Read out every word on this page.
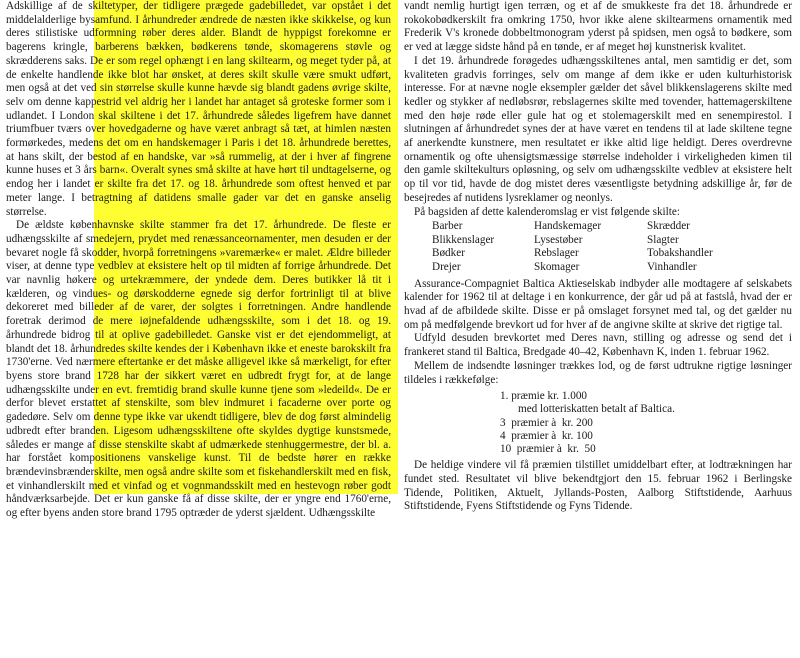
Adskillige af de skiltetyper, der tidligere prægede gadebilledet, var opstået i det middelalderlige bysamfund. I århundreder ændrede de næsten ikke skikkelse, og kun deres stilistiske udformning røber deres alder. Blandt de hyppigst forekomne er bagerens kringle, barberens bækken, bødkerens tønde, skomagerens støvle og skrædderens saks. De er som regel ophængt i en lang skiltearm, og meget tyder på, at de enkelte handlende ikke blot har ønsket, at deres skilt skulle være smukt udført, men også at det ved sin størrelse skulle kunne hævde sig blandt gadens øvrige skilte, selv om denne kappestrid vel aldrig her i landet har antaget så groteske former som i udlandet. I London skal skiltene i det 17. århundrede således ligefrem have dannet triumfbuer tværs over hovedgaderne og have været anbragt så tæt, at himlen næsten formørkedes, medens det om en handskemager i Paris i det 18. århundrede berettes, at hans skilt, der bestod af en handske, var »så rummelig, at der i hver af fingrene kunne huses et 3 års barn«. Overalt synes små skilte at have hørt til undtagelserne, og endog her i landet er skilte fra det 17. og 18. århundrede som oftest henved et par meter lange. I betragtning af datidens smalle gader var det en ganske anselig størrelse.

De ældste københavnske skilte stammer fra det 17. århundrede. De fleste er udhængsskilte af smedejern, prydet med renæssanceornamenter, men desuden er der bevaret nogle få skodder, hvorpå forretningens »varemærke« er malet. Ældre billeder viser, at denne type vedblev at eksistere helt op til midten af forrige århundrede. Det var navnlig høkere og urtekræmmere, der yndede dem. Deres butikker lå tit i kælderen, og vindues- og dørskodderne egnede sig derfor fortrinligt til at blive dekoreret med billeder af de varer, der solgtes i forretningen. Andre handlende foretrak derimod de mere iøjnefaldende udhængsskilte, som i det 18. og 19. århundrede bidrog til at oplive gadebilledet. Ganske vist er det ejendommeligt, at blandt det 18. århundredes skilte kendes der i København ikke et eneste barokskilt fra 1730'erne. Ved nærmere eftertanke er det måske alligevel ikke så mærkeligt, for efter byens store brand 1728 har der sikkert været en udbredt frygt for, at de lange udhængsskilte under en evt. fremtidig brand skulle kunne tjene som »ledeild«. De er derfor blevet erstattet af stenskilte, som blev indmuret i facaderne over porte og gadedøre. Selv om denne type ikke var ukendt tidligere, blev de dog først almindelig udbredt efter branden. Ligesom udhængsskiltene ofte skyldes dygtige kunstsmede, således er mange af disse stenskilte skabt af udmærkede stenhuggermestre, der bl. a. har forstået kompositionens vanskelige kunst. Til de bedste hører en række brændevinsbrænderskilte, men også andre skilte som et fiskehandlerskilt med en fisk, et vinhandlerskilt med et vinfad og et vognmandsskilt med en hestevogn røber godt håndværksarbejde. Det er kun ganske få af disse skilte, der er yngre end 1760'erne, og efter byens anden store brand 1795 optræder de yderst sjældent. Udhængsskilte

vandt nemlig hurtigt igen terræn, og et af de smukkeste fra det 18. århundrede er rokokobødkerskilt fra omkring 1750, hvor ikke alene skiltearmens ornamentik med Frederik V's kronede dobbeltmonogram yderst på spidsen, men også to bødkere, som er ved at lægge sidste hånd på en tønde, er af meget høj kunstnerisk kvalitet.

I det 19. århundrede forøgedes udhængsskiltenes antal, men samtidig er det, som kvaliteten gradvis forringes, selv om mange af dem ikke er uden kulturhistorisk interesse. For at nævne nogle eksempler gælder det såvel blikkenslagerens skilte med kedler og stykker af nedløbsrør, rebslagernes skilte med tovender, hattemagerskiltene med den høje røde eller gule hat og et stolemagerskilt med en senempirestol. I slutningen af århundredet synes der at have været en tendens til at lade skiltene tegne af anerkendte kunstnere, men resultatet er ikke altid lige heldigt. Deres overdrevne ornamentik og ofte uhensigtsmæssige størrelse indeholder i virkeligheden kimen til den gamle skiltekulturs opløsning, og selv om udhængsskilte vedblev at eksistere helt op til vor tid, havde de dog mistet deres væsentligste betydning adskillige år, før de besejredes af nutidens lysreklamer og neonlys.

På bagsiden af dette kalenderomslag er vist følgende skilte:

Barber	Handskemager	Skrædder
Blikkenslager	Lysestøber	Slagter
Bødker	Rebslager	Tobakshandler
Drejer	Skomager	Vinhandler

Assurance-Compagniet Baltica Aktieselskab indbyder alle modtagere af selskabets kalender for 1962 til at deltage i en konkurrence, der går ud på at fastslå, hvad der er hvad af de afbildede skilte. Disse er på omslaget forsynet med tal, og det gælder nu om på medfølgende brevkort ud for hver af de angivne skilte at skrive det rigtige tal.

Udfyld desuden brevkortet med Deres navn, stilling og adresse og send det i frankeret stand til Baltica, Bredgade 40–42, København K, inden 1. februar 1962.

Mellem de indsendte løsninger trækkes lod, og de først udtrukne rigtige løsninger tildeles i rækkefølge:

1. præmie kr. 1.000
med lotteriskatten betalt af Baltica.
3  præmier à  kr. 200
4  præmier à  kr. 100
10  præmier à  kr.  50

De heldige vindere vil få præmien tilstillet umiddelbart efter, at lodtrækningen har fundet sted. Resultatet vil blive bekendtgjort den 15. februar 1962 i Berlingske Tidende, Politiken, Aktuelt, Jyllands-Posten, Aalborg Stiftstidende, Aarhuus Stiftstidende, Fyens Stiftstidende og Fyns Tidende.
